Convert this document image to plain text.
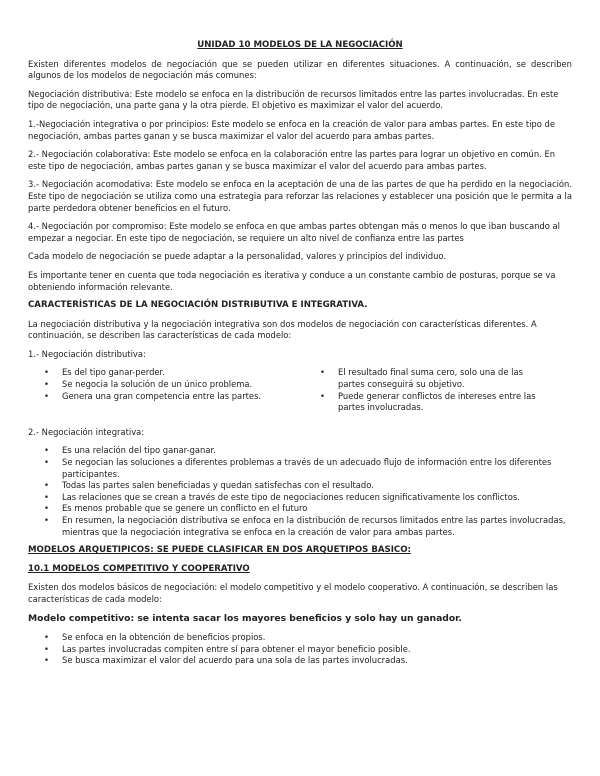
UNIDAD 10 MODELOS DE LA NEGOCIACIÓN

Existen diferentes modelos de negociación que se pueden utilizar en diferentes situaciones. A continuación, se describen algunos de los modelos de negociación más comunes:

Negociación distributiva: Este modelo se enfoca en la distribución de recursos limitados entre las partes involucradas. En este tipo de negociación, una parte gana y la otra pierde. El objetivo es maximizar el valor del acuerdo.

1.-Negociación integrativa o por principios: Este modelo se enfoca en la creación de valor para ambas partes. En este tipo de negociación, ambas partes ganan y se busca maximizar el valor del acuerdo para ambas partes.

2.- Negociación colaborativa: Este modelo se enfoca en la colaboración entre las partes para lograr un objetivo en común. En este tipo de negociación, ambas partes ganan y se busca maximizar el valor del acuerdo para ambas partes.

3.- Negociación acomodativa: Este modelo se enfoca en la aceptación de una de las partes de que ha perdido en la negociación. Este tipo de negociación se utiliza como una estrategia para reforzar las relaciones y establecer una posición que le permita a la parte perdedora obtener beneficios en el futuro.

4.- Negociación por compromiso: Este modelo se enfoca en que ambas partes obtengan más o menos lo que iban buscando al empezar a negociar. En este tipo de negociación, se requiere un alto nivel de confianza entre las partes

Cada modelo de negociación se puede adaptar a la personalidad, valores y principios del individuo.

Es importante tener en cuenta que toda negociación es iterativa y conduce a un constante cambio de posturas, porque se va obteniendo información relevante.

CARACTERÍSTICAS DE LA NEGOCIACIÓN DISTRIBUTIVA E INTEGRATIVA.

La negociación distributiva y la negociación integrativa son dos modelos de negociación con características diferentes. A continuación, se describen las características de cada modelo:

1.- Negociación distributiva:

• Es del tipo ganar-perder.
• Se negocia la solución de un único problema.
• Genera una gran competencia entre las partes.
• El resultado final suma cero, solo una de las partes conseguirá su objetivo.
• Puede generar conflictos de intereses entre las partes involucradas.

2.- Negociación integrativa:

• Es una relación del tipo ganar-ganar.
• Se negocian las soluciones a diferentes problemas a través de un adecuado flujo de información entre los diferentes participantes.
• Todas las partes salen beneficiadas y quedan satisfechas con el resultado.
• Las relaciones que se crean a través de este tipo de negociaciones reducen significativamente los conflictos.
• Es menos probable que se genere un conflicto en el futuro
• En resumen, la negociación distributiva se enfoca en la distribución de recursos limitados entre las partes involucradas, mientras que la negociación integrativa se enfoca en la creación de valor para ambas partes.
MODELOS ARQUETIPICOS: SE PUEDE CLASIFICAR EN DOS ARQUETIPOS BASICO:
10.1 MODELOS COMPETITIVO Y COOPERATIVO

Existen dos modelos básicos de negociación: el modelo competitivo y el modelo cooperativo. A continuación, se describen las características de cada modelo:

Modelo competitivo: se intenta sacar los mayores beneficios y solo hay un ganador.
• Se enfoca en la obtención de beneficios propios.
• Las partes involucradas compiten entre sí para obtener el mayor beneficio posible.
• Se busca maximizar el valor del acuerdo para una sola de las partes involucradas.
